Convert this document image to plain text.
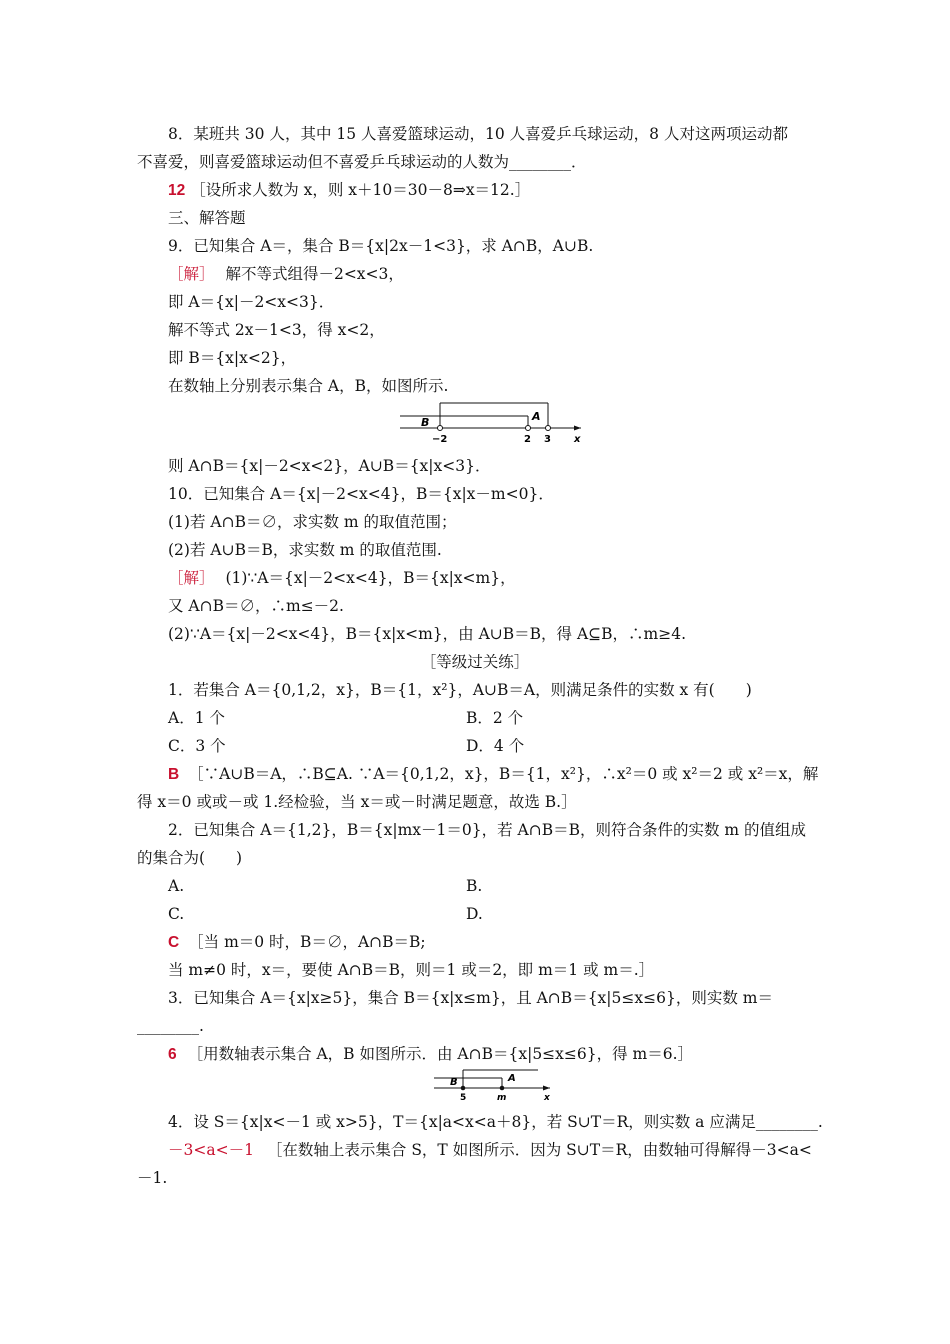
8．某班共 30 人，其中 15 人喜爱篮球运动，10 人喜爱乒乓球运动，8 人对这两项运动都
不喜爱，则喜爱篮球运动但不喜爱乒乓球运动的人数为________．
12 ［设所求人数为 x，则 x＋10＝30－8⇒x＝12.］
三、解答题
9．已知集合 A＝，集合 B＝{x|2x－1<3}，求 A∩B，A∪B.
［解］ 解不等式组得－2<x<3，
即 A＝{x|－2<x<3}．
解不等式 2x－1<3，得 x<2，
即 B＝{x|x<2}，
在数轴上分别表示集合 A，B，如图所示.
B	A
−2	2 3 x
则 A∩B＝{x|－2<x<2}，A∪B＝{x|x<3}．
10．已知集合 A＝{x|－2<x<4}，B＝{x|x－m<0}．
(1)若 A∩B＝∅，求实数 m 的取值范围；
(2)若 A∪B＝B，求实数 m 的取值范围.
［解］ (1)∵A＝{x|－2<x<4}，B＝{x|x<m}，
又 A∩B＝∅，∴m≤－2.
(2)∵A＝{x|－2<x<4}，B＝{x|x<m}，由 A∪B＝B，得 A⊆B，∴m≥4.
［等级过关练］
1．若集合 A＝{0,1,2，x}，B＝{1，x²}，A∪B＝A，则满足条件的实数 x 有(　　)
A．1 个	B．2 个
C．3 个	D．4 个
B ［∵A∪B＝A，∴B⊆A. ∵A＝{0,1,2，x}，B＝{1，x²}，∴x²＝0 或 x²＝2 或 x²＝x，解
得 x＝0 或或－或 1.经检验，当 x＝或－时满足题意，故选 B.］
2．已知集合 A＝{1,2}，B＝{x|mx－1＝0}，若 A∩B＝B，则符合条件的实数 m 的值组成
的集合为(　　)
A.	B.
C.	D.
C ［当 m＝0 时，B＝∅，A∩B＝B;
当 m≠0 时，x＝，要使 A∩B＝B，则＝1 或＝2，即 m＝1 或 m＝.］
3．已知集合 A＝{x|x≥5}，集合 B＝{x|x≤m}，且 A∩B＝{x|5≤x≤6}，则实数 m＝
________.
6 ［用数轴表示集合 A，B 如图所示．由 A∩B＝{x|5≤x≤6}，得 m＝6.］
B	A
5	m	x
4．设 S＝{x|x<－1 或 x>5}，T＝{x|a<x<a＋8}，若 S∪T＝R，则实数 a 应满足________.
－3<a<－1 ［在数轴上表示集合 S，T 如图所示．因为 S∪T＝R，由数轴可得解得－3<a<
－1.
